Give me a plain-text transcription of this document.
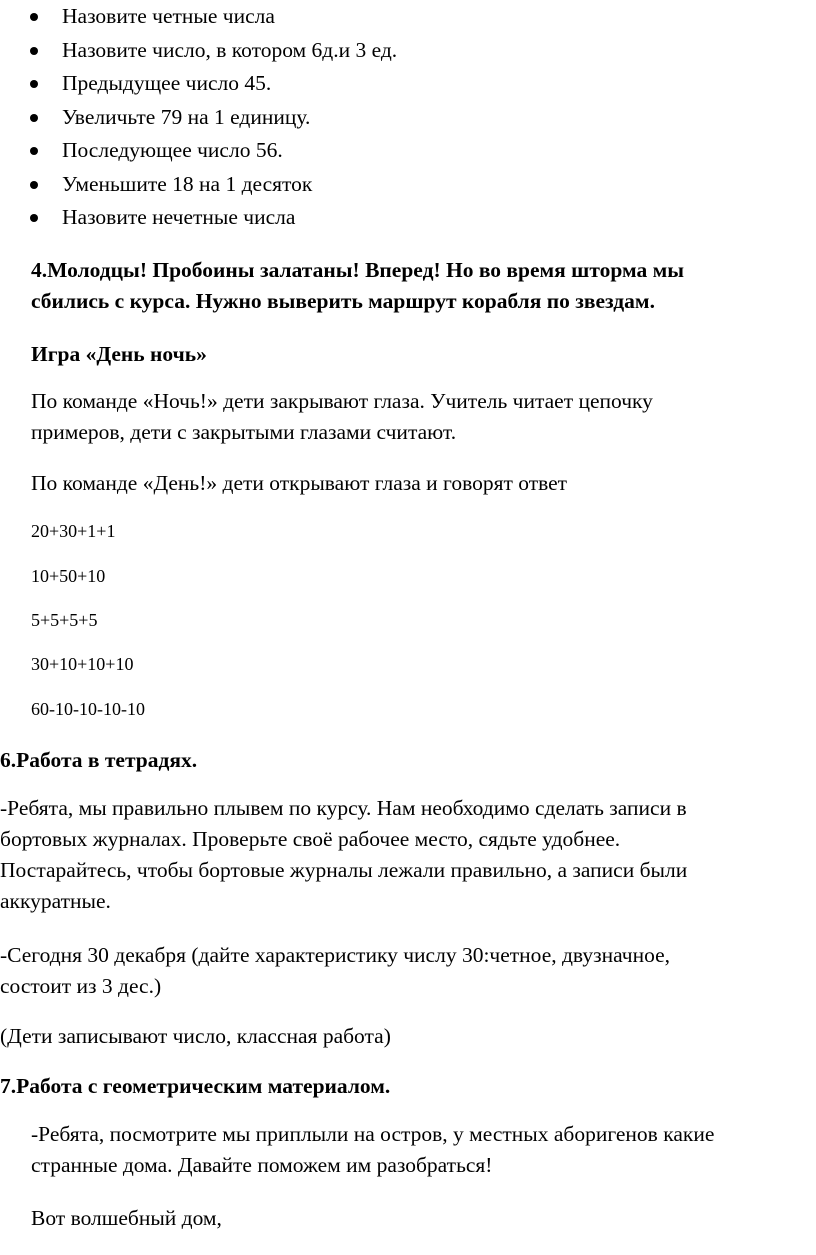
Назовите четные числа
Назовите число, в котором 6д.и 3 ед.
Предыдущее число 45.
Увеличьте 79 на 1 единицу.
Последующее число 56.
Уменьшите 18 на 1 десяток
Назовите нечетные числа
4.Молодцы! Пробоины залатаны! Вперед! Но во время шторма мы
сбились с курса. Нужно выверить маршрут корабля по звездам.
Игра «День ночь»
По команде «Ночь!» дети закрывают глаза. Учитель читает цепочку
примеров, дети с закрытыми глазами считают.
По команде «День!» дети открывают глаза и говорят ответ
20+30+1+1
10+50+10
5+5+5+5
30+10+10+10
60-10-10-10-10
6.Работа в тетрадях.
-Ребята, мы правильно плывем по курсу. Нам необходимо сделать записи в
бортовых журналах. Проверьте своё рабочее место, сядьте удобнее.
Постарайтесь, чтобы бортовые журналы лежали правильно, а записи были
аккуратные.
-Сегодня 30 декабря (дайте характеристику числу 30:четное, двузначное,
состоит из 3 дес.)
(Дети записывают число, классная работа)
7.Работа с геометрическим материалом.
-Ребята, посмотрите мы приплыли на остров, у местных аборигенов какие
странные дома. Давайте поможем им разобраться!
Вот волшебный дом,
